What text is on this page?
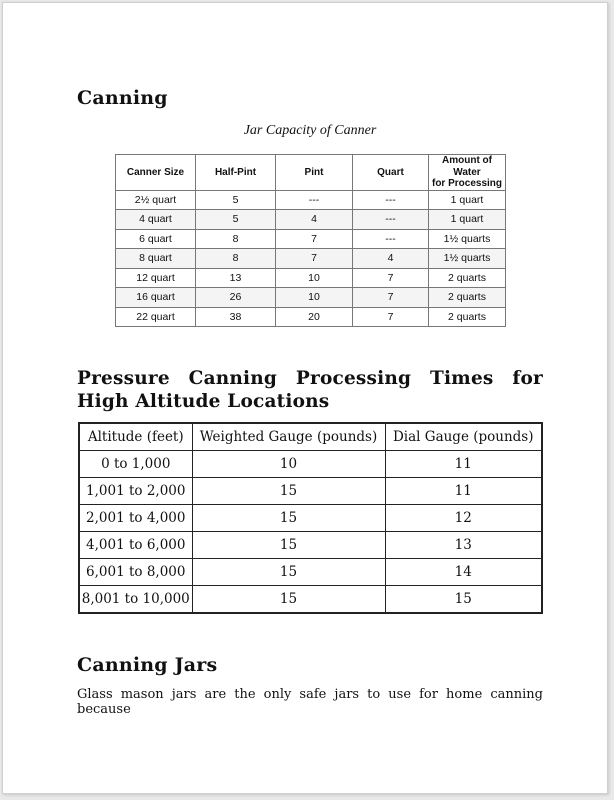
Canning
Jar Capacity of Canner
Canner Size	Half-Pint	Pint	Quart	Amount of Water
for Processing
2½ quart	5	---	---	1 quart
4 quart	5	4	---	1 quart
6 quart	8	7	---	1½ quarts
8 quart	8	7	4	1½ quarts
12 quart	13	10	7	2 quarts
16 quart	26	10	7	2 quarts
22 quart	38	20	7	2 quarts
Pressure Canning Processing Times for High Altitude Locations
Altitude (feet)	Weighted Gauge (pounds)	Dial Gauge (pounds)
0 to 1,000	10	11
1,001 to 2,000	15	11
2,001 to 4,000	15	12
4,001 to 6,000	15	13
6,001 to 8,000	15	14
8,001 to 10,000	15	15
Canning Jars
Glass mason jars are the only safe jars to use for home canning because
